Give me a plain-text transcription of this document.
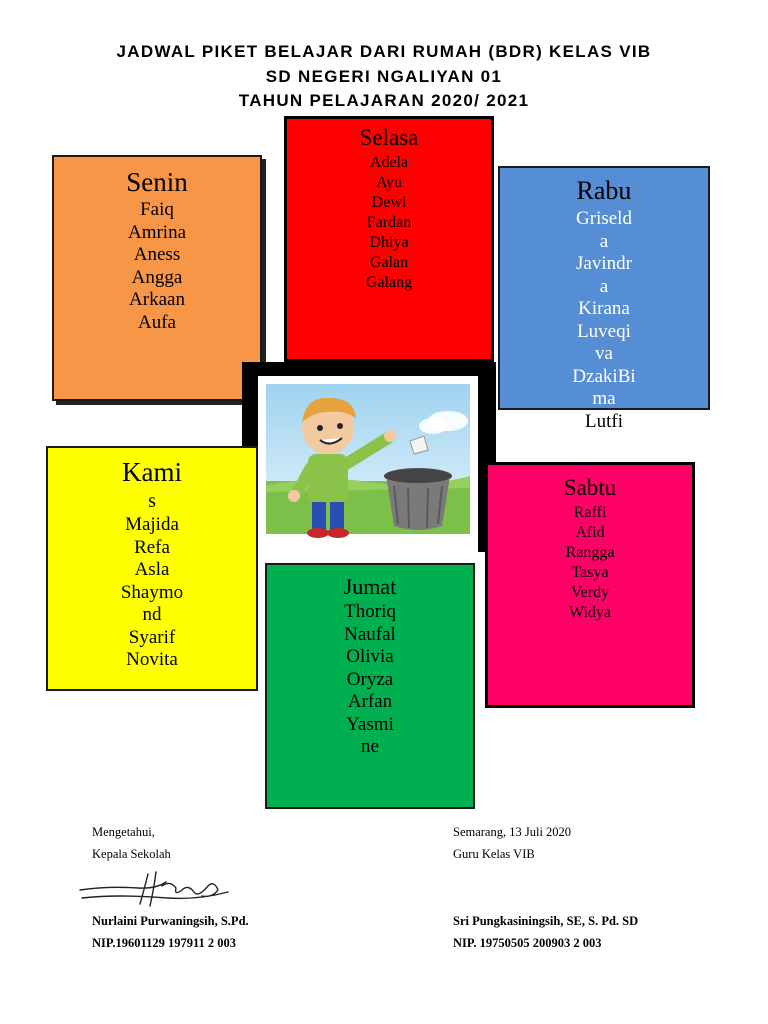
JADWAL PIKET BELAJAR DARI RUMAH (BDR) KELAS VIB
SD NEGERI NGALIYAN 01
TAHUN PELAJARAN 2020/ 2021
Selasa
Adela
Ayu
Dewi
Fardan
Dhiya
Galan
Galang
Senin
Faiq
Amrina
Aness
Angga
Arkaan
Aufa
Rabu
Griseld
a
Javindr
a
Kirana
Luveqi
va
DzakiBi
ma
Lutfi
Kami
s
Majida
Refa
Asla
Shaymo
nd
Syarif
Novita
Sabtu
Raffi
Afid
Rangga
Tasya
Verdy
Widya
Jumat
Thoriq
Naufal
Olivia
Oryza
Arfan
Yasmi
ne
Mengetahui,
Kepala Sekolah
Semarang, 13 Juli 2020
Guru Kelas VIB
Nurlaini Purwaningsih, S.Pd.
NIP.19601129 197911 2 003
Sri Pungkasiningsih, SE, S. Pd. SD
NIP. 19750505 200903 2 003
